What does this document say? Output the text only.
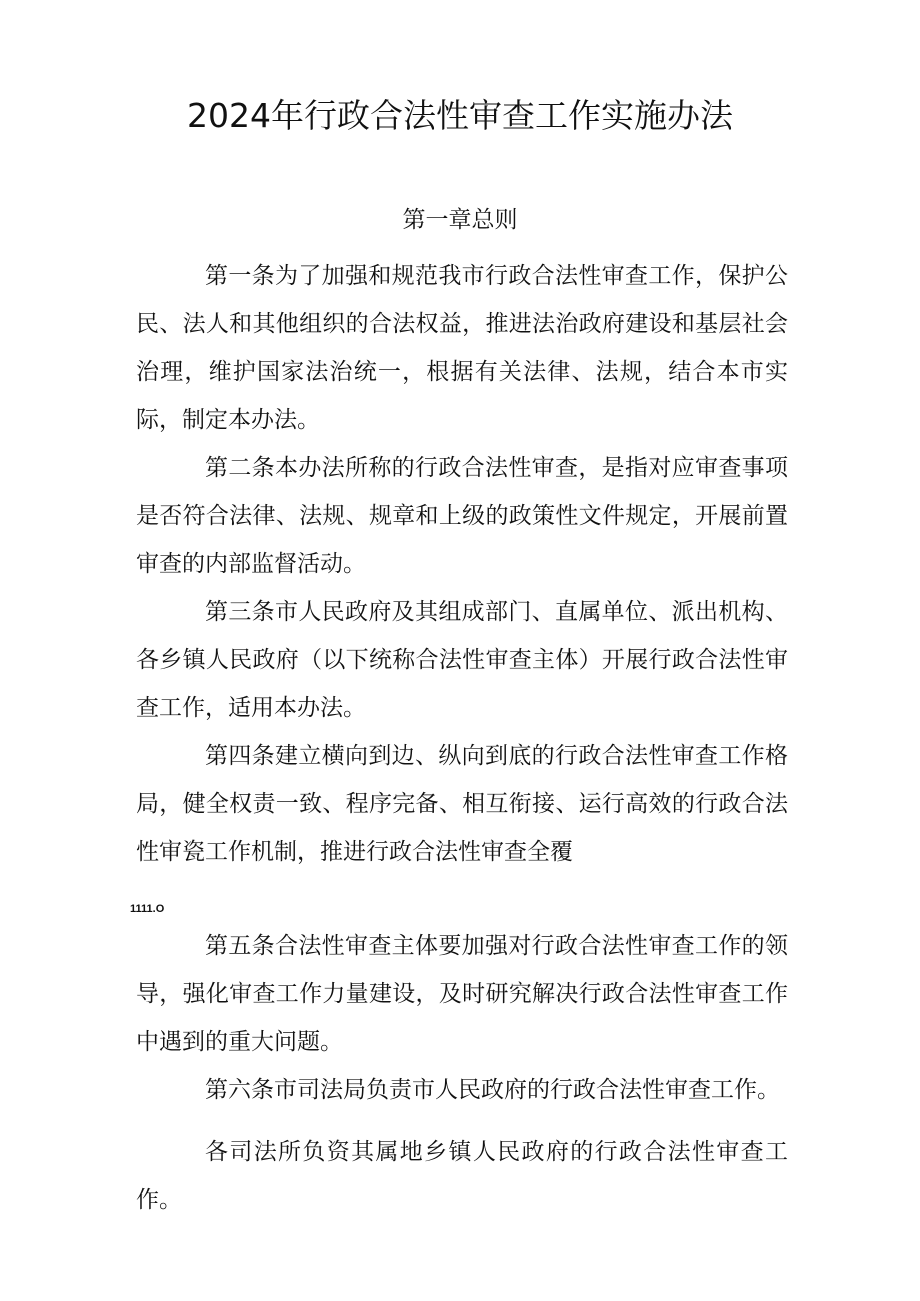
2024年行政合法性审查工作实施办法
第一章总则

第一条为了加强和规范我市行政合法性审查工作，保护公民、法人和其他组织的合法权益，推进法治政府建设和基层社会治理，维护国家法治统一，根据有关法律、法规，结合本市实际，制定本办法。

第二条本办法所称的行政合法性审查，是指对应审查事项是否符合法律、法规、规章和上级的政策性文件规定，开展前置审查的内部监督活动。

第三条市人民政府及其组成部门、直属单位、派出机构、各乡镇人民政府（以下统称合法性审查主体）开展行政合法性审查工作，适用本办法。

第四条建立横向到边、纵向到底的行政合法性审查工作格局，健全权责一致、程序完备、相互衔接、运行高效的行政合法性审瓷工作机制，推进行政合法性审查全覆

1111.O

第五条合法性审查主体要加强对行政合法性审查工作的领导，强化审查工作力量建设，及时研究解决行政合法性审查工作中遇到的重大问题。

第六条市司法局负责市人民政府的行政合法性审查工作。

各司法所负资其属地乡镇人民政府的行政合法性审查工作。
